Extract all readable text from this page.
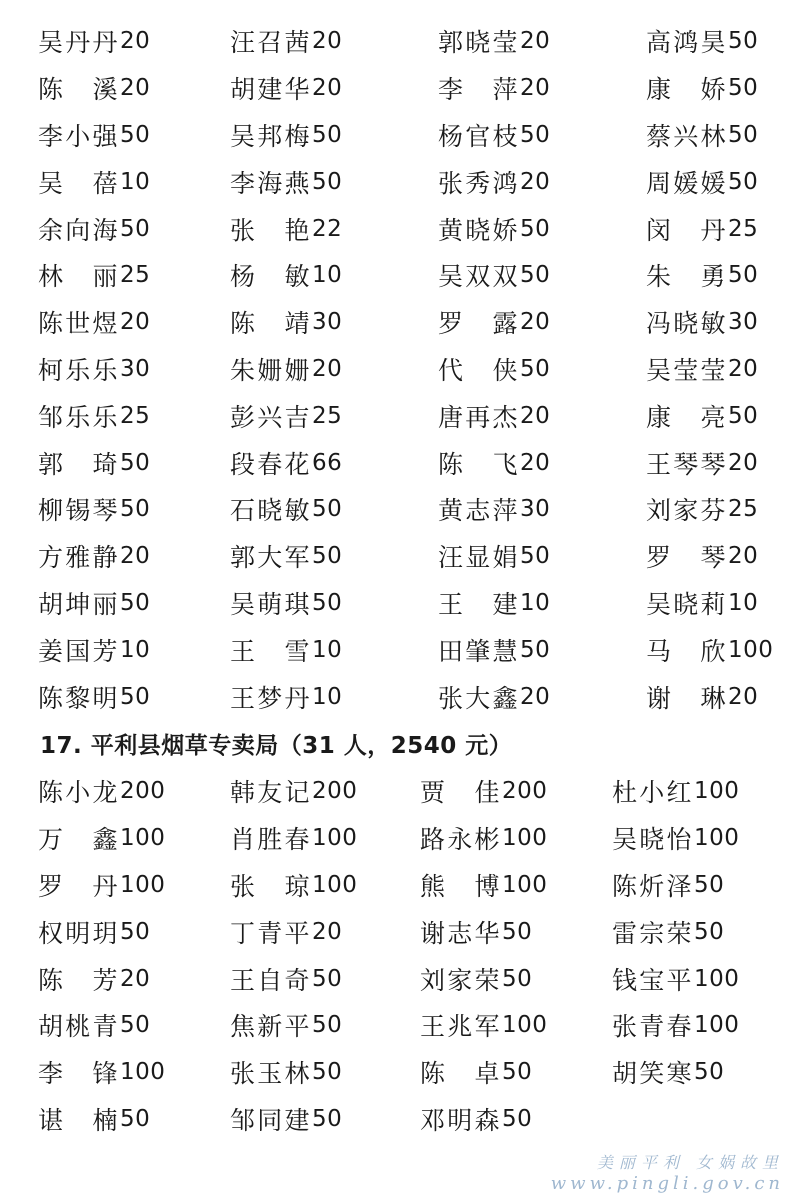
吴 丹 丹 20	汪 召 茜 20	郭 晓 莹 20	高 鸿 昊 50
陈 溪 20	胡 建 华 20	李 萍 20	康 娇 50
李 小 强 50	吴 邦 梅 50	杨 官 枝 50	蔡 兴 林 50
吴 蓓 10	李 海 燕 50	张 秀 鸿 20	周 媛 媛 50
余 向 海 50	张 艳 22	黄 晓 娇 50	闵 丹 25
林 丽 25	杨 敏 10	吴 双 双 50	朱 勇 50
陈 世 煜 20	陈 靖 30	罗 露 20	冯 晓 敏 30
柯 乐 乐 30	朱 姗 姗 20	代 侠 50	吴 莹 莹 20
邹 乐 乐 25	彭 兴 吉 25	唐 再 杰 20	康 亮 50
郭 琦 50	段 春 花 66	陈 飞 20	王 琴 琴 20
柳 锡 琴 50	石 晓 敏 50	黄 志 萍 30	刘 家 芬 25
方 雅 静 20	郭 大 军 50	汪 显 娟 50	罗 琴 20
胡 坤 丽 50	吴 萌 琪 50	王 建 10	吴 晓 莉 10
姜 国 芳 10	王 雪 10	田 肇 慧 50	马 欣 100
陈 黎 明 50	王 梦 丹 10	张 大 鑫 20	谢 琳 20
17. 平利县烟草专卖局（31 人，2540 元）
陈 小 龙 200	韩 友 记 200	贾 佳 200	杜 小 红 100
万 鑫 100	肖 胜 春 100	路 永 彬 100	吴 晓 怡 100
罗 丹 100	张 琼 100	熊 博 100	陈 炘 泽 50
权 明 玥 50	丁 青 平 20	谢 志 华 50	雷 宗 荣 50
陈 芳 20	王 自 奇 50	刘 家 荣 50	钱 宝 平 100
胡 桃 青 50	焦 新 平 50	王 兆 军 100	张 青 春 100
李 锋 100	张 玉 林 50	陈 卓 50	胡 笑 寒 50
谌 楠 50	邹 同 建 50	邓 明 森 50
美丽平利 女娲故里
www.pingli.gov.cn
